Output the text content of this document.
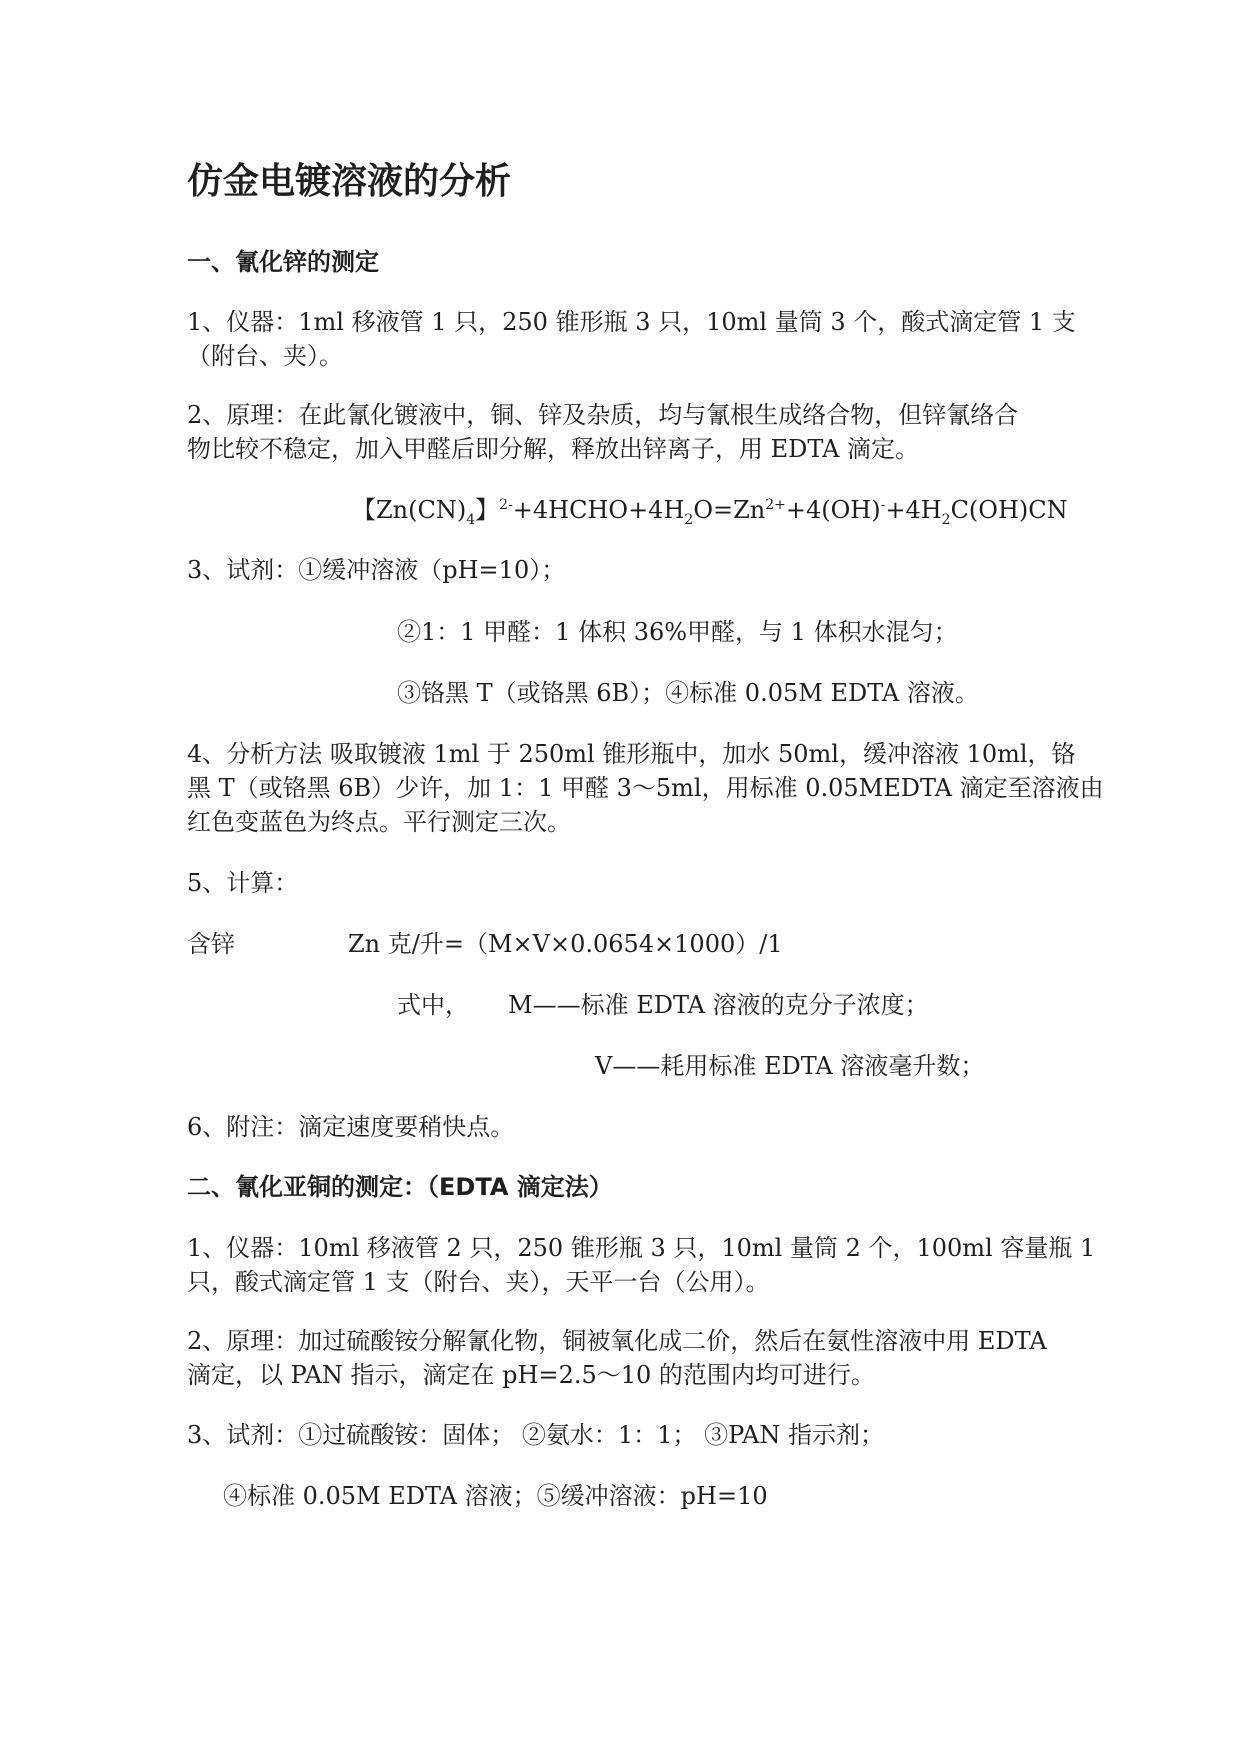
仿金电镀溶液的分析
一、氰化锌的测定
1、仪器：1ml 移液管 1 只，250 锥形瓶 3 只，10ml 量筒 3 个，酸式滴定管 1 支
（附台、夹）。
2、原理：在此氰化镀液中，铜、锌及杂质，均与氰根生成络合物，但锌氰络合
物比较不稳定，加入甲醛后即分解，释放出锌离子，用 EDTA 滴定。
【$Zn(CN)_4$】$^{2-}+4HCHO+4H_2O=Zn^{2+}+4(OH)^-+4H_2C(OH)CN$
3、试剂：①缓冲溶液（pH=10）；
②1：1 甲醛：1 体积 36%甲醛，与 1 体积水混匀；
③铬黑 T（或铬黑 6B）；④标准 0.05M EDTA 溶液。
4、分析方法 吸取镀液 1ml 于 250ml 锥形瓶中，加水 50ml，缓冲溶液 10ml，铬
黑 T（或铬黑 6B）少许，加 1：1 甲醛 3～5ml，用标准 0.05MEDTA 滴定至溶液由
红色变蓝色为终点。平行测定三次。
5、计算：
含锌	Zn 克/升=（M×V×0.0654×1000）/1
式中， M——标准 EDTA 溶液的克分子浓度；
V——耗用标准 EDTA 溶液毫升数；
6、附注：滴定速度要稍快点。
二、氰化亚铜的测定：（EDTA 滴定法）
1、仪器：10ml 移液管 2 只，250 锥形瓶 3 只，10ml 量筒 2 个，100ml 容量瓶 1
只，酸式滴定管 1 支（附台、夹），天平一台（公用）。
2、原理：加过硫酸铵分解氰化物，铜被氧化成二价，然后在氨性溶液中用 EDTA
滴定，以 PAN 指示，滴定在 pH=2.5～10 的范围内均可进行。
3、试剂：①过硫酸铵：固体； ②氨水：1：1； ③PAN 指示剂；
④标准 0.05M EDTA 溶液；⑤缓冲溶液：pH=10
